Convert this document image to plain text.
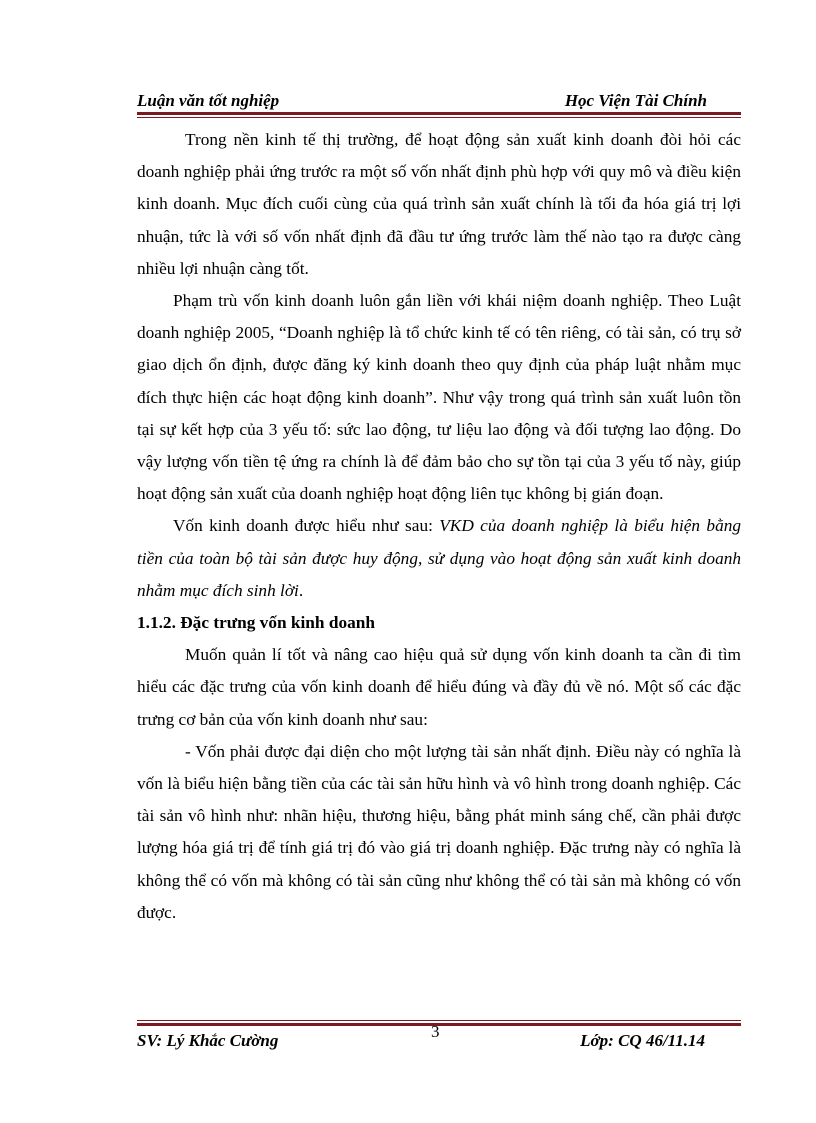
Luận văn tốt nghiệp	Học Viện Tài Chính

Trong nền kinh tế thị trường, để hoạt động sản xuất kinh doanh đòi hỏi các doanh nghiệp phải ứng trước ra một số vốn nhất định phù hợp với quy mô và điều kiện kinh doanh. Mục đích cuối cùng của quá trình sản xuất chính là tối đa hóa giá trị lợi nhuận, tức là với số vốn nhất định đã đầu tư ứng trước làm thế nào tạo ra được càng nhiều lợi nhuận càng tốt.

Phạm trù vốn kinh doanh luôn gắn liền với khái niệm doanh nghiệp. Theo Luật doanh nghiệp 2005, “Doanh nghiệp là tổ chức kinh tế có tên riêng, có tài sản, có trụ sở giao dịch ổn định, được đăng ký kinh doanh theo quy định của pháp luật nhằm mục đích thực hiện các hoạt động kinh doanh”. Như vậy trong quá trình sản xuất luôn tồn tại sự kết hợp của 3 yếu tố: sức lao động, tư liệu lao động và đối tượng lao động. Do vậy lượng vốn tiền tệ ứng ra chính là để đảm bảo cho sự tồn tại của 3 yếu tố này, giúp hoạt động sản xuất của doanh nghiệp hoạt động liên tục không bị gián đoạn.

Vốn kinh doanh được hiểu như sau: VKD của doanh nghiệp là biểu hiện bằng tiền của toàn bộ tài sản được huy động, sử dụng vào hoạt động sản xuất kinh doanh nhằm mục đích sinh lời.

1.1.2. Đặc trưng vốn kinh doanh

Muốn quản lí tốt và nâng cao hiệu quả sử dụng vốn kinh doanh ta cần đi tìm hiểu các đặc trưng của vốn kinh doanh để hiểu đúng và đầy đủ về nó. Một số các đặc trưng cơ bản của vốn kinh doanh như sau:

- Vốn phải được đại diện cho một lượng tài sản nhất định. Điều này có nghĩa là vốn là biểu hiện bằng tiền của các tài sản hữu hình và vô hình trong doanh nghiệp. Các tài sản vô hình như: nhãn hiệu, thương hiệu, bằng phát minh sáng chế, cần phải được lượng hóa giá trị để tính giá trị đó vào giá trị doanh nghiệp. Đặc trưng này có nghĩa là không thể có vốn mà không có tài sản cũng như không thể có tài sản mà không có vốn được.

SV: Lý Khắc Cường	3	Lớp: CQ 46/11.14
